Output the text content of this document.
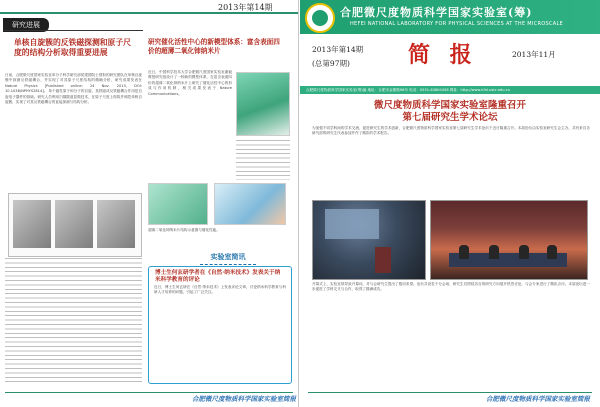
2013年第14期
研究进展
单核自旋簇的反铁磁探测和原子尺度的结构分析取得重要进展
日前，合肥微尺度国家实验室单分子科学研究部侯建国院士领衔的研究团队在单核自旋簇中探测反铁磁耦合，并实现了对其原子尺度结构的精确分析，研究成果发表在 Nature Physics [Published online: 24 Nov. 2013, DOI: 10.1038/NPHYS2814]。 单个磁性原子和分子的自旋，其铁磁或反铁磁耦合作用是自旋电子器件的基础。研究人员利用扫描隧道显微技术，在原子尺度上构筑并调控单核自旋簇，实现了对其反铁磁耦合的直接探测与结构分析。
研究催化活性中心的新模型体系：富含表面四价的超薄二氧化铈纳米片
近日，中国科学技术大学合肥微尺度国家实验室谢毅教授研究组设计了一种新的模型体系，在富含表面四价的超薄二氧化铈纳米片上研究了催化活性中心的形成与作用机制，相关成果发表于 Nature Communications。
超薄二氧化铈纳米片结构示意图与催化性能。
实验室简讯
博士生何玄研学者在《自然·纳米技术》发表关于纳米科学教育的评论
近日，博士生何玄研在《自然·纳米技术》上发表评论文章，讨论纳米科学教育与科研人才培养的问题，引起了广泛关注。
合肥微尺度物质科学国家实验室简报
合肥微尺度物质科学国家实验室(筹)
HEFEI NATIONAL LABORATORY FOR PHYSICAL SCIENCES AT THE MICROSCALE
2013年第14期
(总第97期)	简 报	2013年11月
合肥微尺度物质科学国家实验室(筹)编 地址：合肥市金寨路96号 电话：0551-63600458 网址：http://www.hfnl.ustc.edu.cn
微尺度物质科学国家实验室隆重召开
第七届研究生学术论坛
为加强不同学科间的学术交流，促进研究生的学术创新，合肥微尺度物质科学国家实验室第七届研究生学术论坛于近日隆重召开。本届论坛由实验室研究生会主办，共有来自各研究部的研究生代表参加并作了精彩的学术报告。
开幕式上，实验室领导致开幕词，对与会研究生提出了殷切希望。论坛共设若干分会场，研究生们围绕各自的研究方向展开热烈讨论，与会专家进行了精彩点评。本届论坛进一步促进了学科交叉与合作，取得了圆满成功。
合肥微尺度物质科学国家实验室简报
